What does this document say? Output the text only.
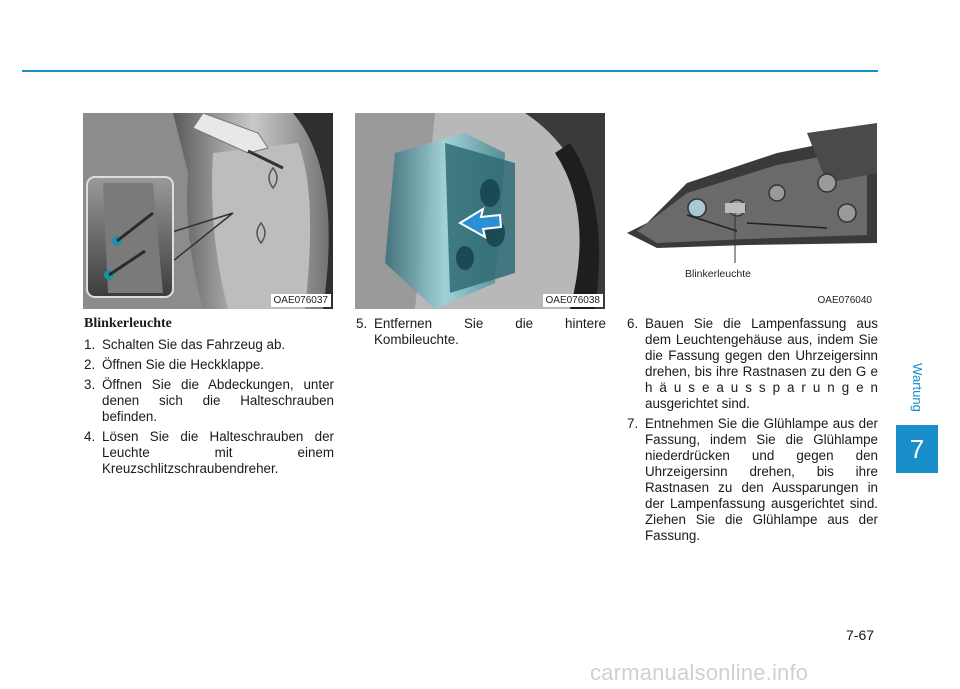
OAE076037	OAE076038
Blinkerleuchte
OAE076040
Blinkerleuchte
1. Schalten Sie das Fahrzeug ab.
2. Öffnen Sie die Heckklappe.
3. Öffnen Sie die Abdeckungen, unter denen sich die Halteschrauben befinden.
4. Lösen Sie die Halteschrauben der Leuchte mit einem Kreuzschlitzschraubendreher.
5. Entfernen Sie die hintere Kombileuchte.
6. Bauen Sie die Lampenfassung aus dem Leuchtengehäuse aus, indem Sie die Fassung gegen den Uhrzeigersinn drehen, bis ihre Rastnasen zu den G e h ä u s e a u s s p a r u n g e n ausgerichtet sind.
7. Entnehmen Sie die Glühlampe aus der Fassung, indem Sie die Glühlampe niederdrücken und gegen den Uhrzeigersinn drehen, bis ihre Rastnasen zu den Aussparungen in der Lampenfassung ausgerichtet sind. Ziehen Sie die Glühlampe aus der Fassung.
Wartung
7
7-67
carmanualsonline.info
